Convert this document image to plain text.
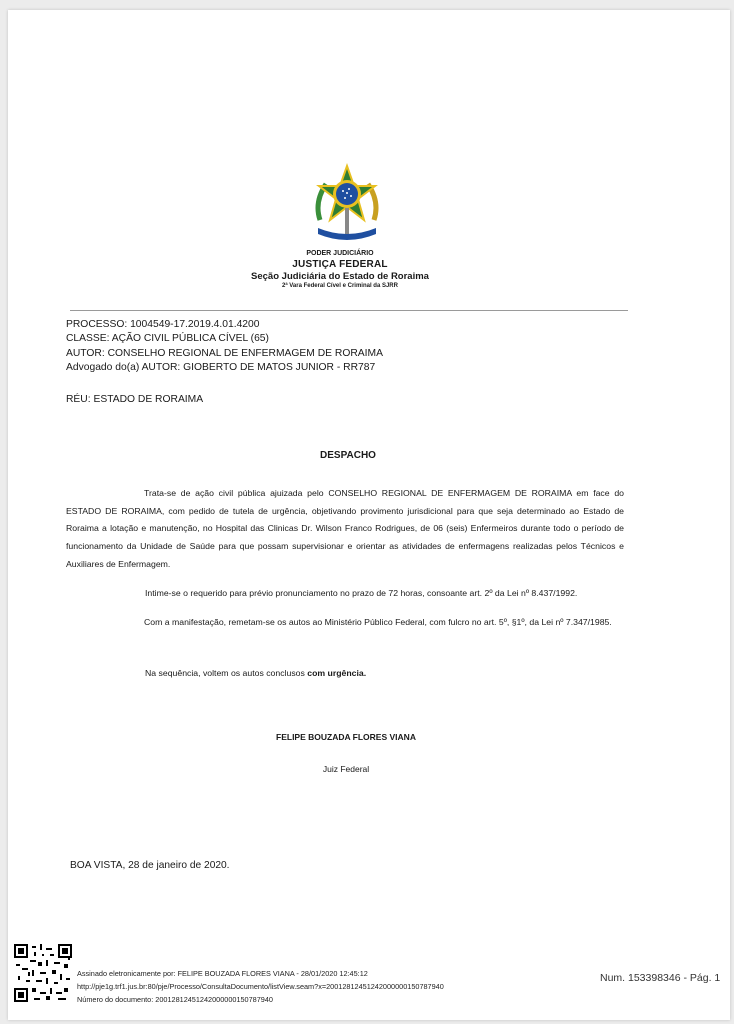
PODER JUDICIÁRIO

JUSTIÇA FEDERAL

Seção Judiciária do Estado de Roraima

2ª Vara Federal Cível e Criminal da SJRR

PROCESSO: 1004549-17.2019.4.01.4200
CLASSE: AÇÃO CIVIL PÚBLICA CÍVEL (65)
AUTOR: CONSELHO REGIONAL DE ENFERMAGEM DE RORAIMA
Advogado do(a) AUTOR: GIOBERTO DE MATOS JUNIOR - RR787
RÉU: ESTADO DE RORAIMA
DESPACHO

Trata-se de ação civil pública ajuizada pelo CONSELHO REGIONAL DE ENFERMAGEM DE RORAIMA em face do ESTADO DE RORAIMA, com pedido de tutela de urgência, objetivando provimento jurisdicional para que seja determinado ao Estado de Roraima a lotação e manutenção, no Hospital das Clinicas Dr. Wilson Franco Rodrigues, de 06 (seis) Enfermeiros durante todo o período de funcionamento da Unidade de Saúde para que possam supervisionar e orientar as atividades de enfermagens realizadas pelos Técnicos e Auxiliares de Enfermagem.

Intime-se o requerido para prévio pronunciamento no prazo de 72 horas, consoante art. 2º da Lei nº 8.437/1992.

Com a manifestação, remetam-se os autos ao Ministério Público Federal, com fulcro no art. 5º, §1º, da Lei nº 7.347/1985.

Na sequência, voltem os autos conclusos com urgência.
FELIPE BOUZADA FLORES VIANA
Juiz Federal
BOA VISTA, 28 de janeiro de 2020.
Assinado eletronicamente por: FELIPE BOUZADA FLORES VIANA - 28/01/2020 12:45:12
http://pje1g.trf1.jus.br:80/pje/Processo/ConsultaDocumento/listView.seam?x=20012812451242000000150787940
Número do documento: 20012812451242000000150787940
Num. 153398346 - Pág. 1
